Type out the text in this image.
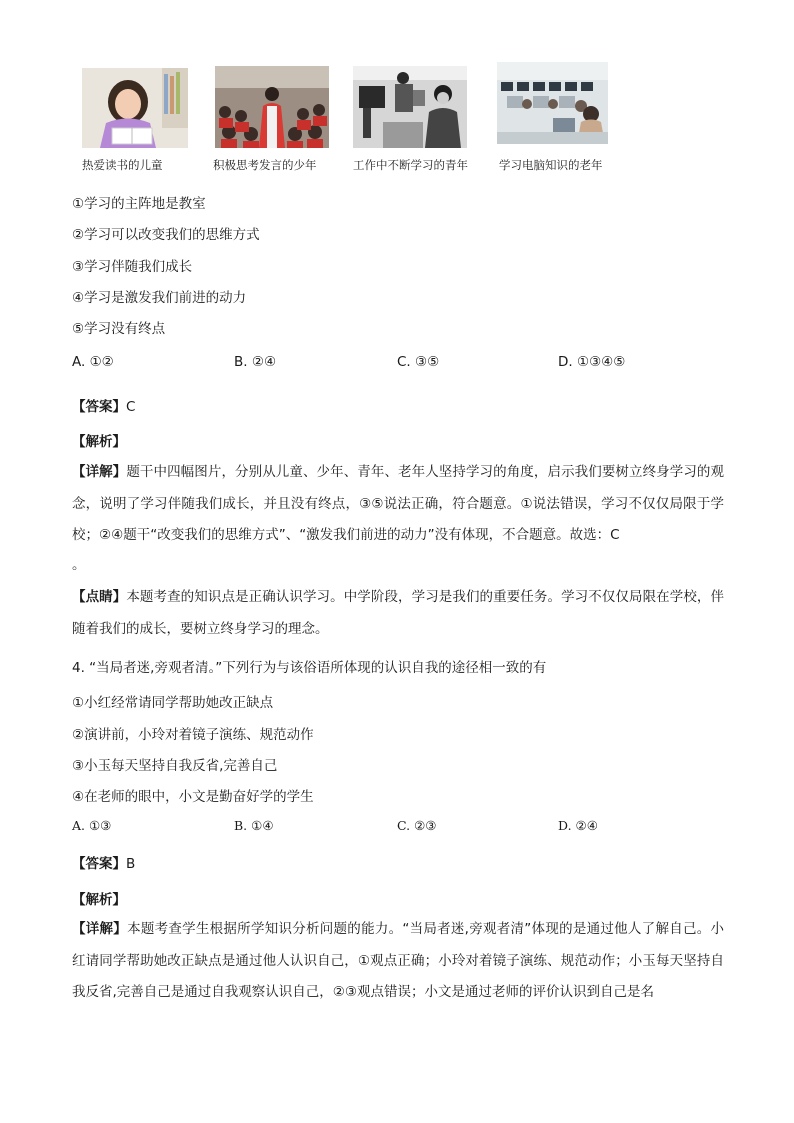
热爱读书的儿童	积极思考发言的少年	工作中不断学习的青年	学习电脑知识的老年
①学习的主阵地是教室
②学习可以改变我们的思维方式
③学习伴随我们成长
④学习是激发我们前进的动力
⑤学习没有终点
A. ①②	B. ②④	C. ③⑤	D. ①③④⑤
【答案】C
【解析】
【详解】题干中四幅图片，分别从儿童、少年、青年、老年人坚持学习的角度，启示我们要树立终身学习的观念，说明了学习伴随我们成长，并且没有终点，③⑤说法正确，符合题意。①说法错误，学习不仅仅局限于学校；②④题干“改变我们的思维方式”、“激发我们前进的动力”没有体现，不合题意。故选：C
。
【点睛】本题考查的知识点是正确认识学习。中学阶段，学习是我们的重要任务。学习不仅仅局限在学校，伴随着我们的成长，要树立终身学习的理念。
4. “当局者迷,旁观者清。”下列行为与该俗语所体现的认识自我的途径相一致的有
①小红经常请同学帮助她改正缺点
②演讲前，小玲对着镜子演练、规范动作
③小玉每天坚持自我反省,完善自己
④在老师的眼中，小文是勤奋好学的学生
A. ①③	B. ①④	C. ②③	D. ②④
【答案】B
【解析】
【详解】本题考查学生根据所学知识分析问题的能力。“当局者迷,旁观者清”体现的是通过他人了解自己。小红请同学帮助她改正缺点是通过他人认识自己，①观点正确；小玲对着镜子演练、规范动作；小玉每天坚持自我反省,完善自己是通过自我观察认识自己，②③观点错误；小文是通过老师的评价认识到自己是名
